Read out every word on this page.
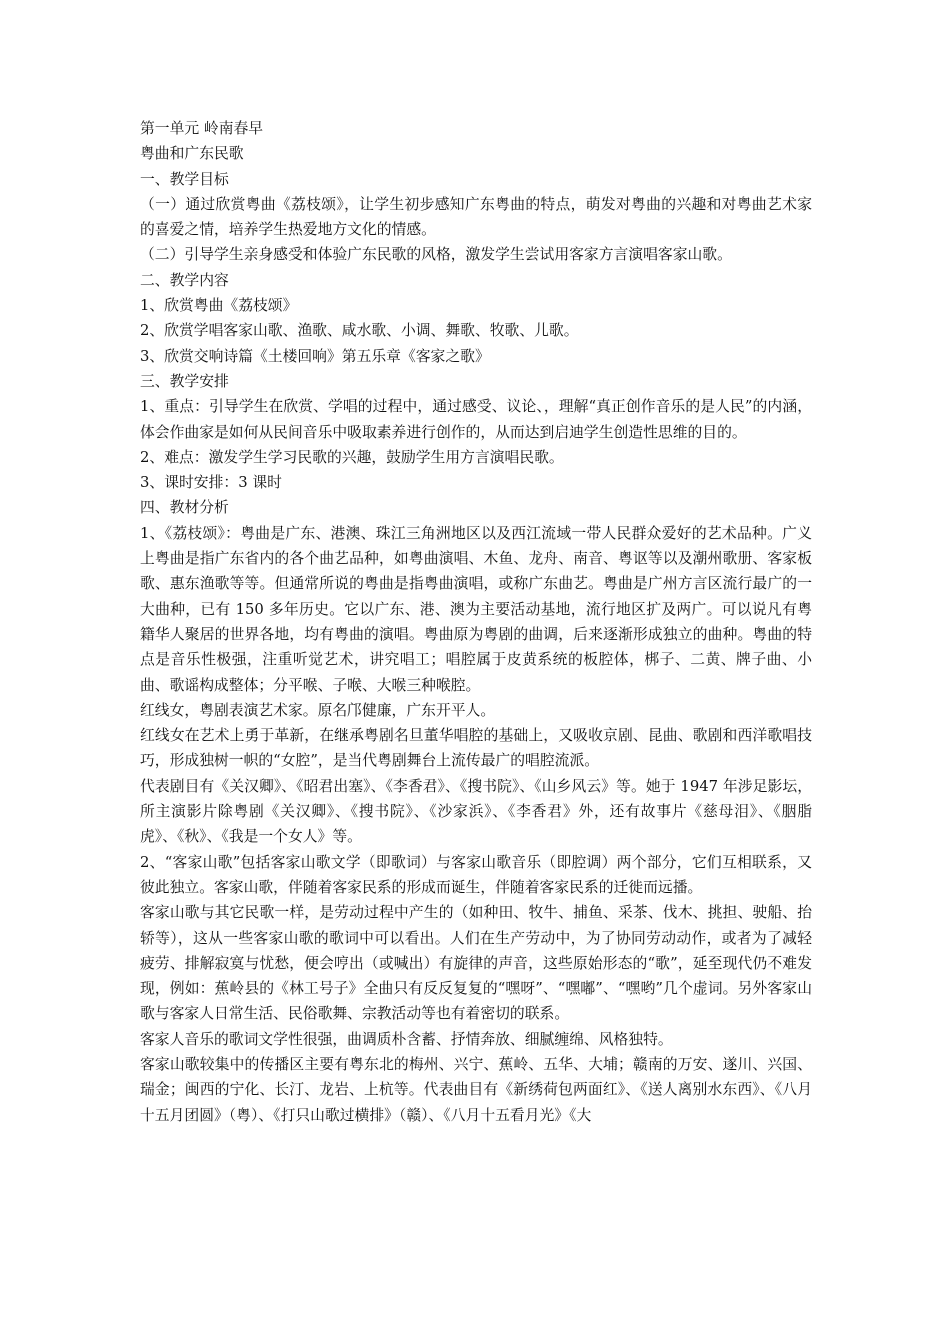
第一单元 岭南春早

粤曲和广东民歌

一、教学目标

（一）通过欣赏粤曲《荔枝颂》，让学生初步感知广东粤曲的特点，萌发对粤曲的兴趣和对粤曲艺术家的喜爱之情，培养学生热爱地方文化的情感。

（二）引导学生亲身感受和体验广东民歌的风格，激发学生尝试用客家方言演唱客家山歌。

二、教学内容

1、欣赏粤曲《荔枝颂》

2、欣赏学唱客家山歌、渔歌、咸水歌、小调、舞歌、牧歌、儿歌。

3、欣赏交响诗篇《土楼回响》第五乐章《客家之歌》

三、教学安排

1、重点：引导学生在欣赏、学唱的过程中，通过感受、议论、，理解“真正创作音乐的是人民”的内涵，体会作曲家是如何从民间音乐中吸取素养进行创作的，从而达到启迪学生创造性思维的目的。

2、难点：激发学生学习民歌的兴趣，鼓励学生用方言演唱民歌。

3、课时安排：3 课时

四、教材分析

1、《荔枝颂》：粤曲是广东、港澳、珠江三角洲地区以及西江流域一带人民群众爱好的艺术品种。广义上粤曲是指广东省内的各个曲艺品种，如粤曲演唱、木鱼、龙舟、南音、粤讴等以及潮州歌册、客家板歌、惠东渔歌等等。但通常所说的粤曲是指粤曲演唱，或称广东曲艺。粤曲是广州方言区流行最广的一大曲种，已有 150 多年历史。它以广东、港、澳为主要活动基地，流行地区扩及两广。可以说凡有粤籍华人聚居的世界各地，均有粤曲的演唱。粤曲原为粤剧的曲调，后来逐渐形成独立的曲种。粤曲的特点是音乐性极强，注重听觉艺术，讲究唱工；唱腔属于皮黄系统的板腔体，梆子、二黄、牌子曲、小曲、歌谣构成整体；分平喉、子喉、大喉三种喉腔。

红线女，粤剧表演艺术家。原名邝健廉，广东开平人。

红线女在艺术上勇于革新，在继承粤剧名旦董华唱腔的基础上，又吸收京剧、昆曲、歌剧和西洋歌唱技巧，形成独树一帜的“女腔”，是当代粤剧舞台上流传最广的唱腔流派。

代表剧目有《关汉卿》、《昭君出塞》、《李香君》、《搜书院》、《山乡风云》等。她于 1947 年涉足影坛，所主演影片除粤剧《关汉卿》、《搜书院》、《沙家浜》、《李香君》外，还有故事片《慈母泪》、《胭脂虎》、《秋》、《我是一个女人》等。

2、“客家山歌”包括客家山歌文学（即歌词）与客家山歌音乐（即腔调）两个部分，它们互相联系，又彼此独立。客家山歌，伴随着客家民系的形成而诞生，伴随着客家民系的迁徙而远播。

客家山歌与其它民歌一样，是劳动过程中产生的（如种田、牧牛、捕鱼、采茶、伐木、挑担、驶船、抬轿等），这从一些客家山歌的歌词中可以看出。人们在生产劳动中，为了协同劳动动作，或者为了减轻疲劳、排解寂寞与忧愁，便会哼出（或喊出）有旋律的声音，这些原始形态的“歌”，延至现代仍不难发现，例如：蕉岭县的《林工号子》全曲只有反反复复的“嘿呀”、“嘿嘟”、“嘿哟”几个虚词。另外客家山歌与客家人日常生活、民俗歌舞、宗教活动等也有着密切的联系。

客家人音乐的歌词文学性很强，曲调质朴含蓄、抒情奔放、细腻缠绵、风格独特。

客家山歌较集中的传播区主要有粤东北的梅州、兴宁、蕉岭、五华、大埔；赣南的万安、遂川、兴国、瑞金；闽西的宁化、长汀、龙岩、上杭等。代表曲目有《新绣荷包两面红》、《送人离别水东西》、《八月十五月团圆》（粤）、《打只山歌过横排》（赣）、《八月十五看月光》《大
